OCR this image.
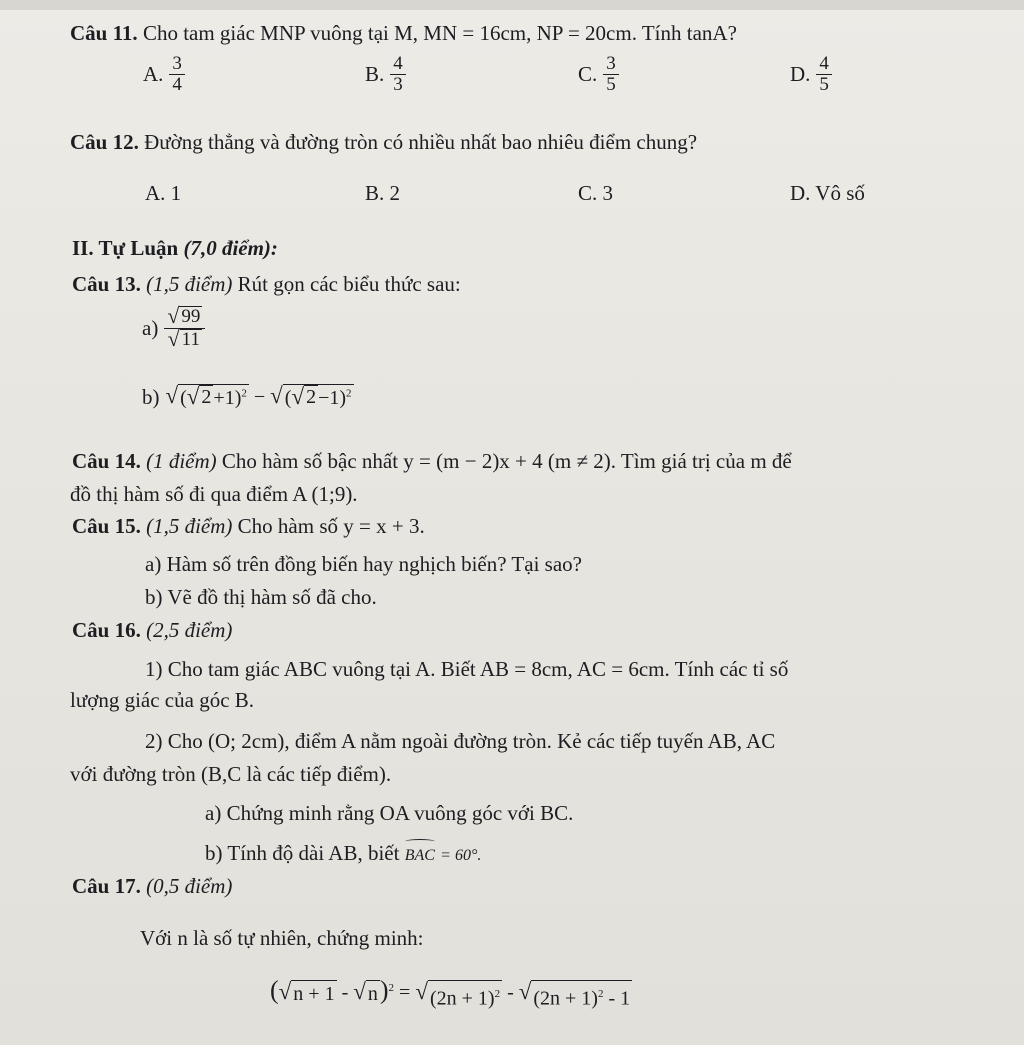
Câu 11. Cho tam giác MNP vuông tại M, MN = 16cm, NP = 20cm. Tính tanA?
A. $\frac{3}{4}$	B. $\frac{4}{3}$	C. $\frac{3}{5}$	D. $\frac{4}{5}$
Câu 12. Đường thẳng và đường tròn có nhiều nhất bao nhiêu điểm chung?
A. 1	B. 2	C. 3	D. Vô số
II. Tự Luận (7,0 điểm):
Câu 13. (1,5 điểm) Rút gọn các biểu thức sau:
$a) \frac{√ 99}{√ 11}$
b) √ ( √ 2 +1)$^2$ − √ ( √ 2 −1)$^2$
Câu 14. (1 điểm) Cho hàm số bậc nhất y = (m − 2)x + 4 (m ≠ 2). Tìm giá trị của m để
đồ thị hàm số đi qua điểm A (1;9).
Câu 15. (1,5 điểm) Cho hàm số y = x + 3.
a) Hàm số trên đồng biến hay nghịch biến? Tại sao?
b) Vẽ đồ thị hàm số đã cho.
Câu 16. (2,5 điểm)
1) Cho tam giác ABC vuông tại A. Biết AB = 8cm, AC = 6cm. Tính các tỉ số
lượng giác của góc B.
2) Cho (O; 2cm), điểm A nằm ngoài đường tròn. Kẻ các tiếp tuyến AB, AC
với đường tròn (B,C là các tiếp điểm).
a) Chứng minh rằng OA vuông góc với BC.
b) Tính độ dài AB, biết BAC = 60°.
Câu 17. (0,5 điểm)
Với n là số tự nhiên, chứng minh:
( √ n + 1 - √ n )$^2$ = √ $(2n + 1)^2$ - √ $(2n + 1)^2 - 1$
